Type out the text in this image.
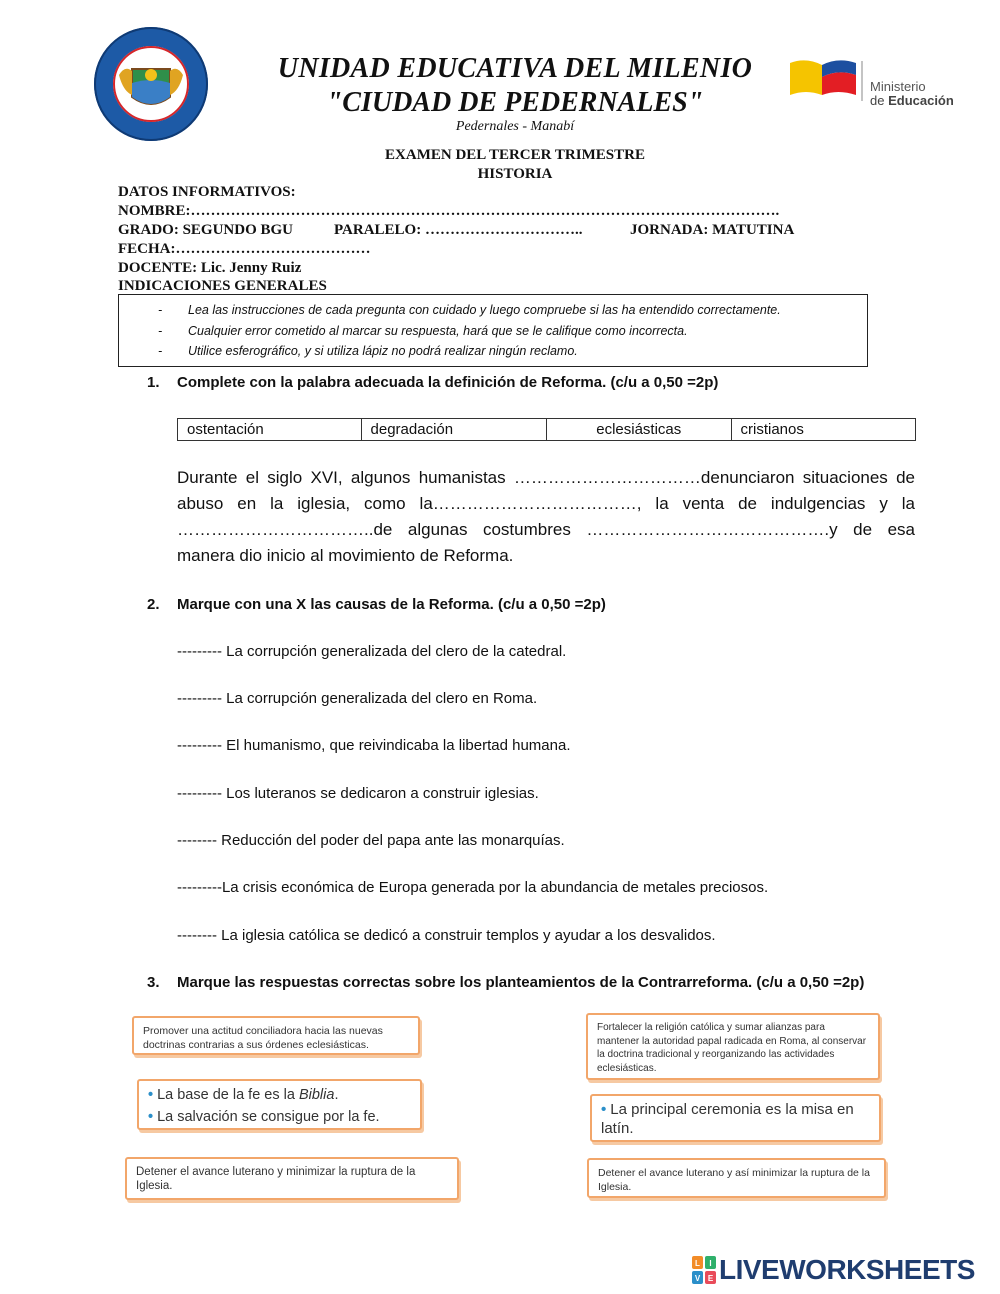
UNIDAD EDUCATIVA DEL MILENIO
"CIUDAD DE PEDERNALES"
Pedernales - Manabí
Ministerio
de Educación
EXAMEN DEL TERCER TRIMESTRE
HISTORIA
DATOS INFORMATIVOS:
NOMBRE:……………………………………………………………………………………………………….
GRADO: SEGUNDO BGU	PARALELO: …………………………..	JORNADA: MATUTINA
FECHA:…………………………………
DOCENTE: Lic. Jenny Ruiz
INDICACIONES GENERALES
- Lea las instrucciones de cada pregunta con cuidado y luego compruebe si las ha entendido correctamente.
- Cualquier error cometido al marcar su respuesta, hará que se le califique como incorrecta.
- Utilice esferográfico, y si utiliza lápiz no podrá realizar ningún reclamo.
1. Complete con la palabra adecuada la definición de Reforma. (c/u a 0,50 =2p)
ostentación	degradación	eclesiásticas	cristianos
Durante el siglo XVI, algunos humanistas ……………………………denunciaron situaciones de abuso en la iglesia, como la………………………………, la venta de indulgencias y la ……………………………..de algunas costumbres …………………………………….y de esa manera dio inicio al movimiento de Reforma.
2. Marque con una X las causas de la Reforma. (c/u a 0,50 =2p)
--------- La corrupción generalizada del clero de la catedral.
--------- La corrupción generalizada del clero en Roma.
--------- El humanismo, que reivindicaba la libertad humana.
--------- Los luteranos se dedicaron a construir iglesias.
-------- Reducción del poder del papa ante las monarquías.
---------La crisis económica de Europa generada por la abundancia de metales preciosos.
-------- La iglesia católica se dedicó a construir templos y ayudar a los desvalidos.
3. Marque las respuestas correctas sobre los planteamientos de la Contrarreforma. (c/u a 0,50 =2p)
Promover una actitud conciliadora hacia las nuevas doctrinas contrarias a sus órdenes eclesiásticas.
• La base de la fe es la Biblia.
• La salvación se consigue por la fe.
Detener el avance luterano y minimizar la ruptura de la Iglesia.
Fortalecer la religión católica y sumar alianzas para mantener la autoridad papal radicada en Roma, al conservar la doctrina tradicional y reorganizando las actividades eclesiásticas.
• La principal ceremonia es la misa en latín.
Detener el avance luterano y así minimizar la ruptura de la Iglesia.
L I
V E LIVEWORKSHEETS
